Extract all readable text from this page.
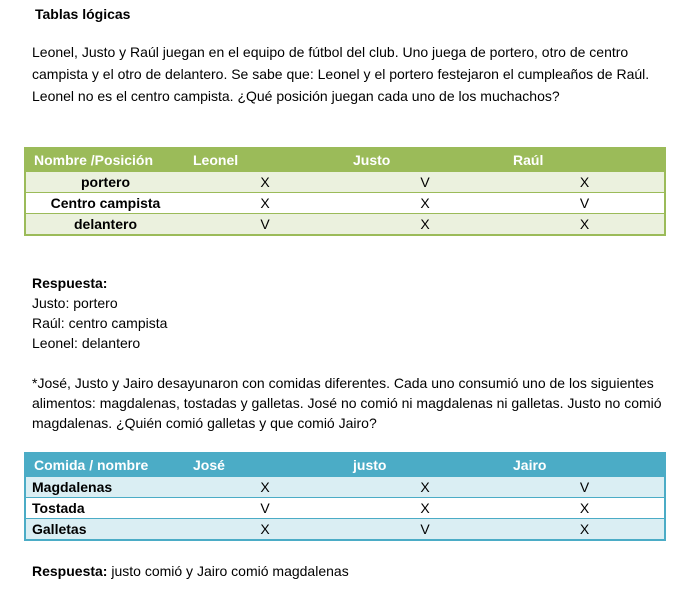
Tablas lógicas
Leonel, Justo y Raúl juegan en el equipo de fútbol del club. Uno juega de portero, otro de centro campista y el otro de delantero. Se sabe que: Leonel y el portero festejaron el cumpleaños de Raúl. Leonel no es el centro campista. ¿Qué posición juegan cada uno de los muchachos?
Nombre /Posición	Leonel	Justo	Raúl
portero	X	V	X
Centro campista	X	X	V
delantero	V	X	X
Respuesta:
Justo: portero
Raúl: centro campista
Leonel: delantero
*José, Justo y Jairo desayunaron con comidas diferentes. Cada uno consumió uno de los siguientes alimentos: magdalenas, tostadas y galletas. José no comió ni magdalenas ni galletas. Justo no comió magdalenas. ¿Quién comió galletas y que comió Jairo?
Comida / nombre	José	justo	Jairo
Magdalenas	X	X	V
Tostada	V	X	X
Galletas	X	V	X
Respuesta: justo comió y Jairo comió magdalenas
